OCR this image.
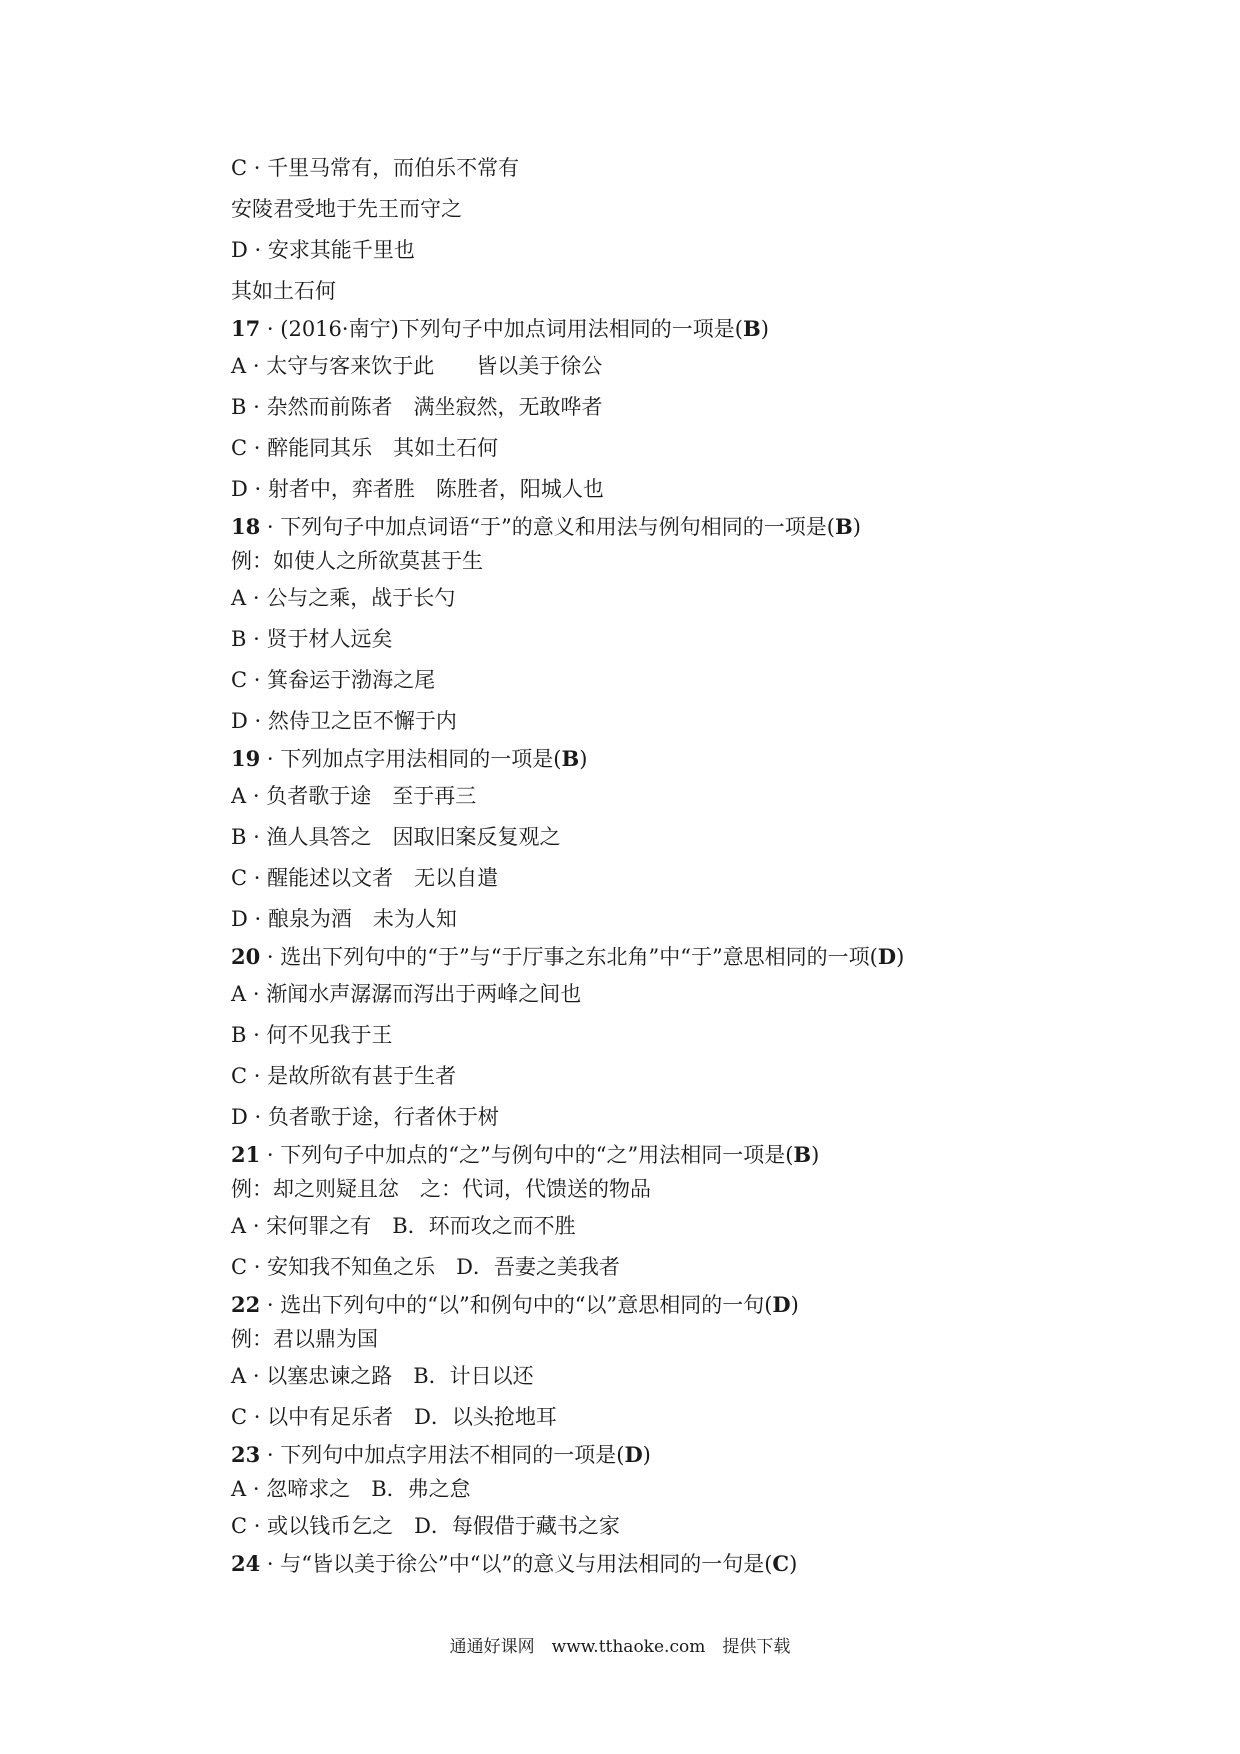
C · 千里马常有，而伯乐不常有
安陵君受地于先王而守之
D · 安求其能千里也
其如土石何
17 · (2016·南宁)下列句子中加点词用法相同的一项是(B)
A · 太守与客来饮于此　　皆以美于徐公
B · 杂然而前陈者　满坐寂然，无敢哗者
C · 醉能同其乐　其如土石何
D · 射者中，弈者胜　陈胜者，阳城人也
18 · 下列句子中加点词语“于”的意义和用法与例句相同的一项是(B)
例：如使人之所欲莫甚于生
A · 公与之乘，战于长勺
B · 贤于材人远矣
C · 箕畚运于渤海之尾
D · 然侍卫之臣不懈于内
19 · 下列加点字用法相同的一项是(B)
A · 负者歌于途　至于再三
B · 渔人具答之　因取旧案反复观之
C · 醒能述以文者　无以自遣
D · 酿泉为酒　未为人知
20 · 选出下列句中的“于”与“于厅事之东北角”中“于”意思相同的一项(D)
A · 渐闻水声潺潺而泻出于两峰之间也
B · 何不见我于王
C · 是故所欲有甚于生者
D · 负者歌于途，行者休于树
21 · 下列句子中加点的“之”与例句中的“之”用法相同一项是(B)
例：却之则疑且忿　之：代词，代馈送的物品
A · 宋何罪之有　B．环而攻之而不胜
C · 安知我不知鱼之乐　D．吾妻之美我者
22 · 选出下列句中的“以”和例句中的“以”意思相同的一句(D)
例：君以鼎为国
A · 以塞忠谏之路　B．计日以还
C · 以中有足乐者　D．以头抢地耳
23 · 下列句中加点字用法不相同的一项是(D)
A · 忽啼求之　B．弗之怠
C · 或以钱币乞之　D．每假借于藏书之家
24 · 与“皆以美于徐公”中“以”的意义与用法相同的一句是(C)
通通好课网　www.tthaoke.com　提供下载
